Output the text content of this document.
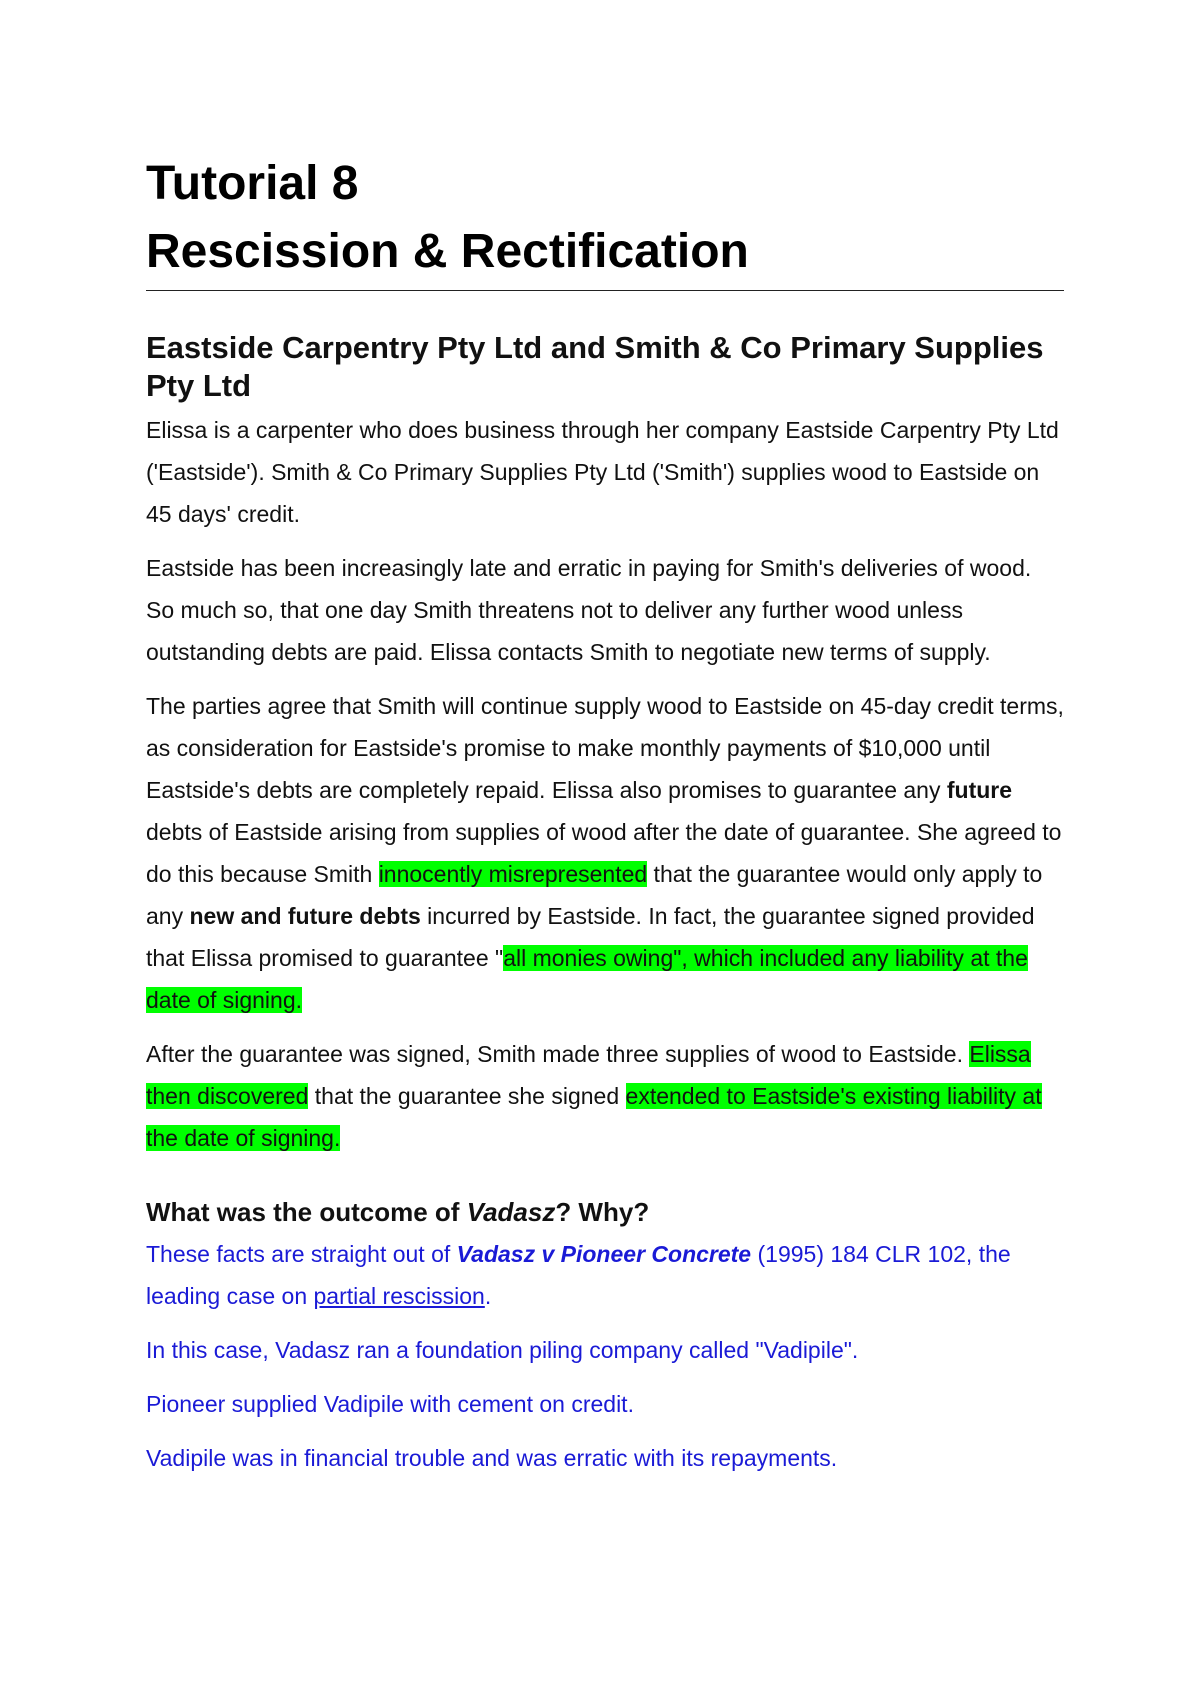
Tutorial 8
Rescission & Rectification
Eastside Carpentry Pty Ltd and Smith & Co Primary Supplies Pty Ltd

Elissa is a carpenter who does business through her company Eastside Carpentry Pty Ltd ('Eastside'). Smith & Co Primary Supplies Pty Ltd ('Smith') supplies wood to Eastside on 45 days' credit.

Eastside has been increasingly late and erratic in paying for Smith's deliveries of wood. So much so, that one day Smith threatens not to deliver any further wood unless outstanding debts are paid. Elissa contacts Smith to negotiate new terms of supply.

The parties agree that Smith will continue supply wood to Eastside on 45-day credit terms, as consideration for Eastside's promise to make monthly payments of $10,000 until Eastside's debts are completely repaid. Elissa also promises to guarantee any future debts of Eastside arising from supplies of wood after the date of guarantee. She agreed to do this because Smith innocently misrepresented that the guarantee would only apply to any new and future debts incurred by Eastside. In fact, the guarantee signed provided that Elissa promised to guarantee "all monies owing", which included any liability at the date of signing.

After the guarantee was signed, Smith made three supplies of wood to Eastside. Elissa then discovered that the guarantee she signed extended to Eastside's existing liability at the date of signing.

What was the outcome of Vadasz? Why?

These facts are straight out of Vadasz v Pioneer Concrete (1995) 184 CLR 102, the leading case on partial rescission.

In this case, Vadasz ran a foundation piling company called "Vadipile".

Pioneer supplied Vadipile with cement on credit.

Vadipile was in financial trouble and was erratic with its repayments.
